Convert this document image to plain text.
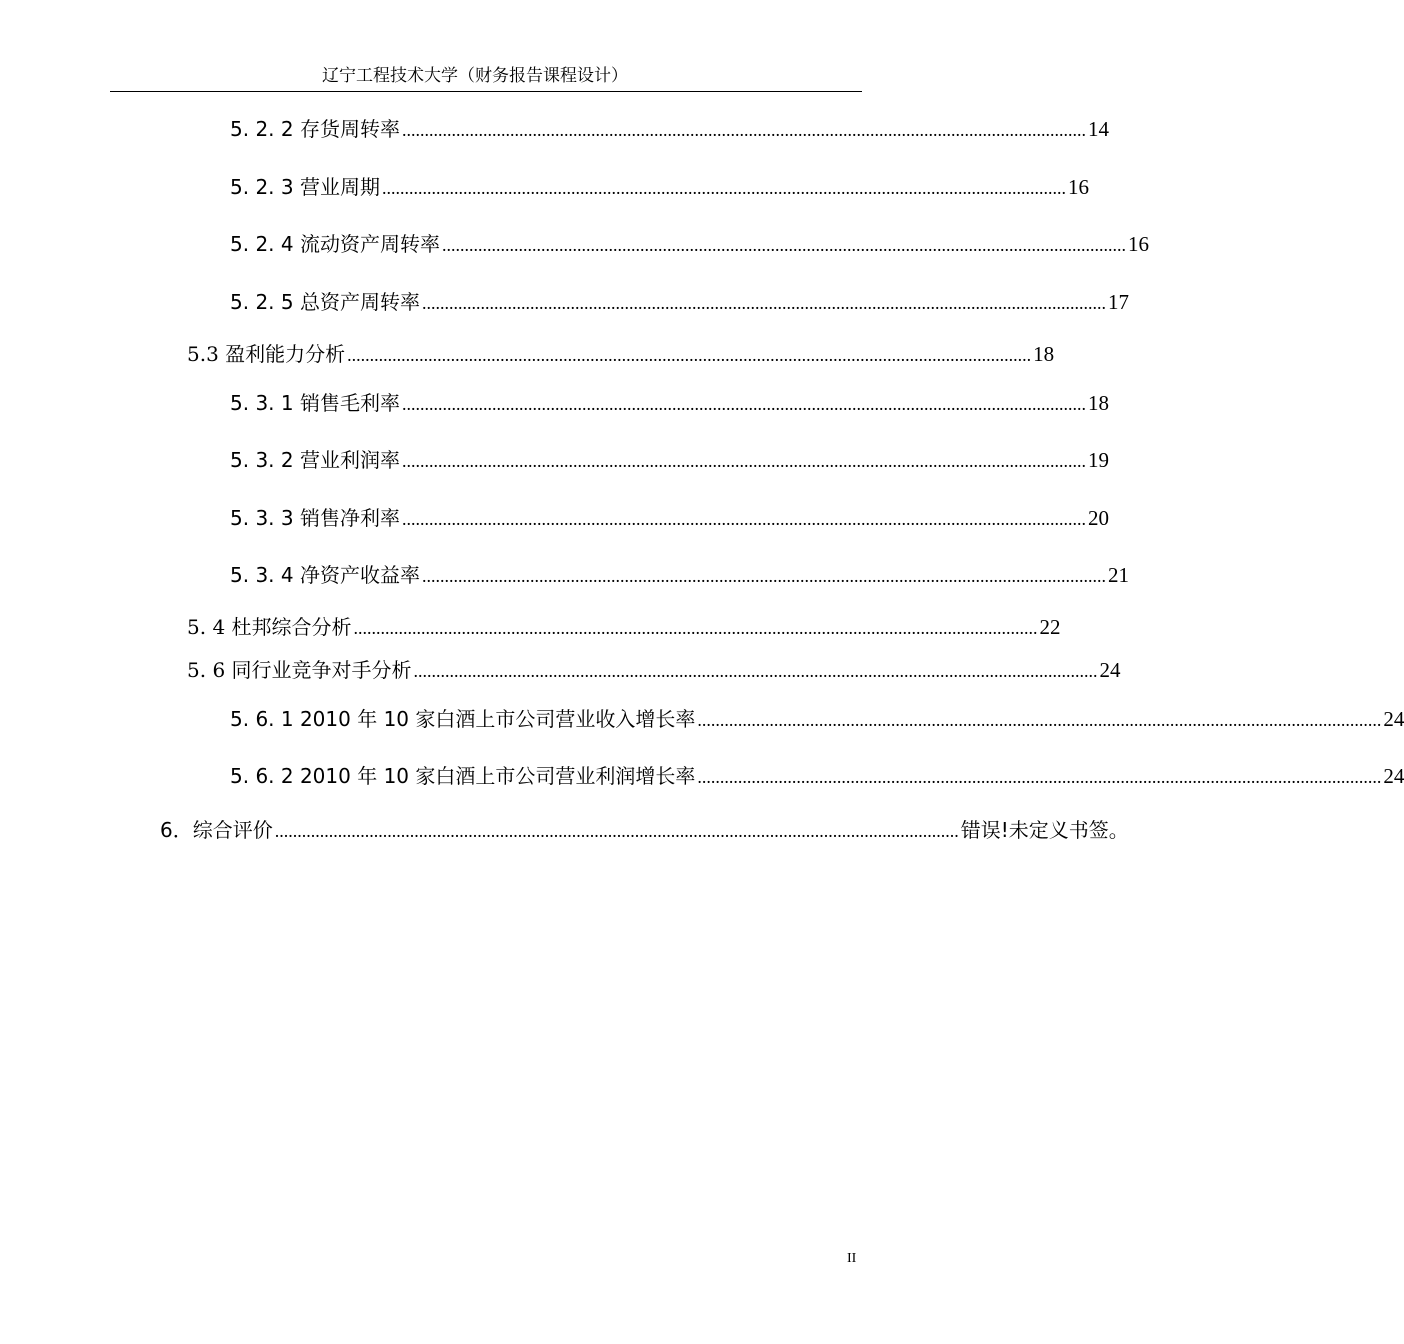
辽宁工程技术大学（财务报告课程设计）
5. 2. 2 存货周转率 ........................................................................................................................................................ 14
5. 2. 3 营业周期 ........................................................................................................................................................ 16
5. 2. 4 流动资产周转率 ........................................................................................................................................................ 16
5. 2. 5 总资产周转率 ........................................................................................................................................................ 17
5.3 盈利能力分析 ........................................................................................................................................................ 18
5. 3. 1 销售毛利率 ........................................................................................................................................................ 18
5. 3. 2 营业利润率 ........................................................................................................................................................ 19
5. 3. 3 销售净利率 ........................................................................................................................................................ 20
5. 3. 4 净资产收益率 ........................................................................................................................................................ 21
5. 4 杜邦综合分析 ........................................................................................................................................................ 22
5. 6 同行业竞争对手分析 ........................................................................................................................................................ 24
5. 6. 1 2010 年 10 家白酒上市公司营业收入增长率 ........................................................................................................................................................ 24
5. 6. 2 2010 年 10 家白酒上市公司营业利润增长率 ........................................................................................................................................................ 24
6．综合评价 ........................................................................................................................................................ 错误!未定义书签。
II
